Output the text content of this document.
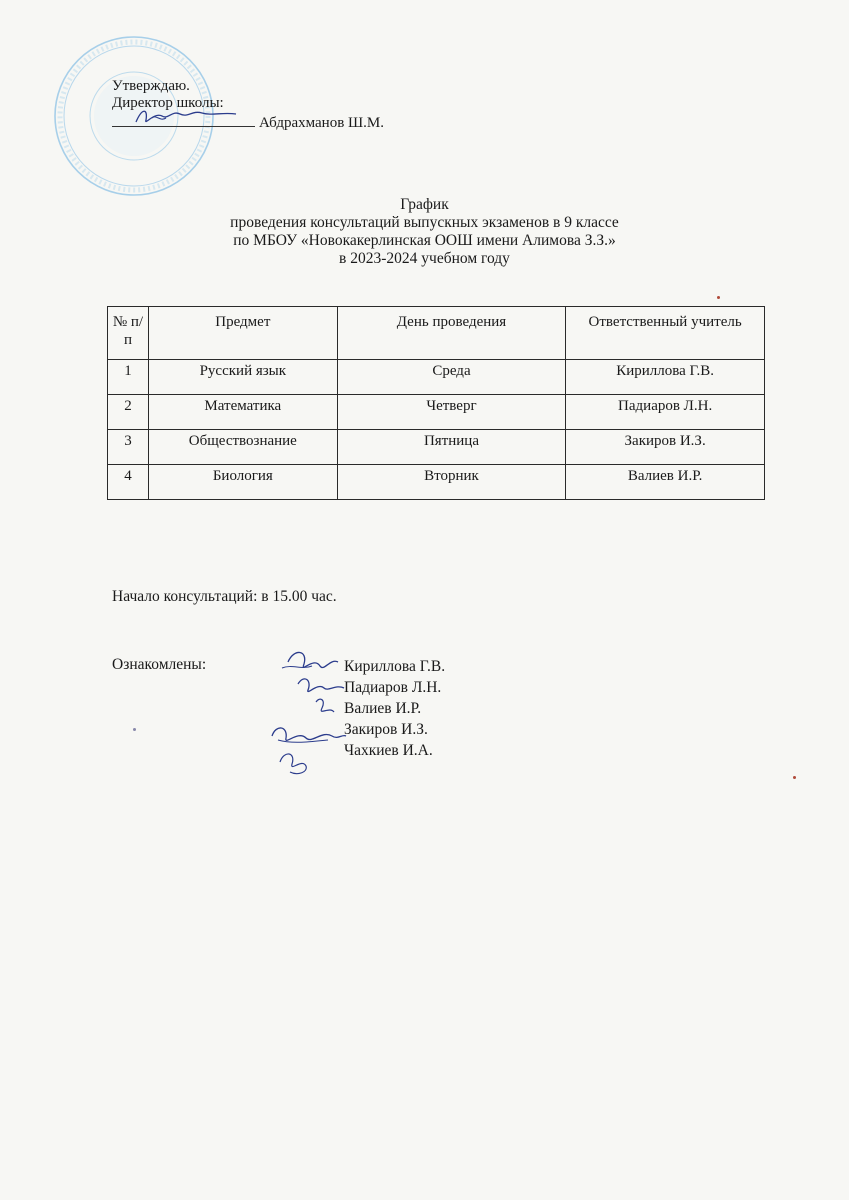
Утверждаю.
Директор школы:
Абдрахманов Ш.М.
График
проведения консультаций выпускных экзаменов в 9 классе
по МБОУ «Новокакерлинская ООШ имени Алимова З.З.»
в 2023-2024 учебном году
№ п/п	Предмет	День проведения	Ответственный учитель
1	Русский язык	Среда	Кириллова Г.В.
2	Математика	Четверг	Падиаров Л.Н.
3	Обществознание	Пятница	Закиров И.З.
4	Биология	Вторник	Валиев И.Р.
Начало консультаций: в 15.00 час.
Ознакомлены:	Кириллова Г.В.
Падиаров Л.Н.
Валиев И.Р.
Закиров И.З.
Чахкиев И.А.
